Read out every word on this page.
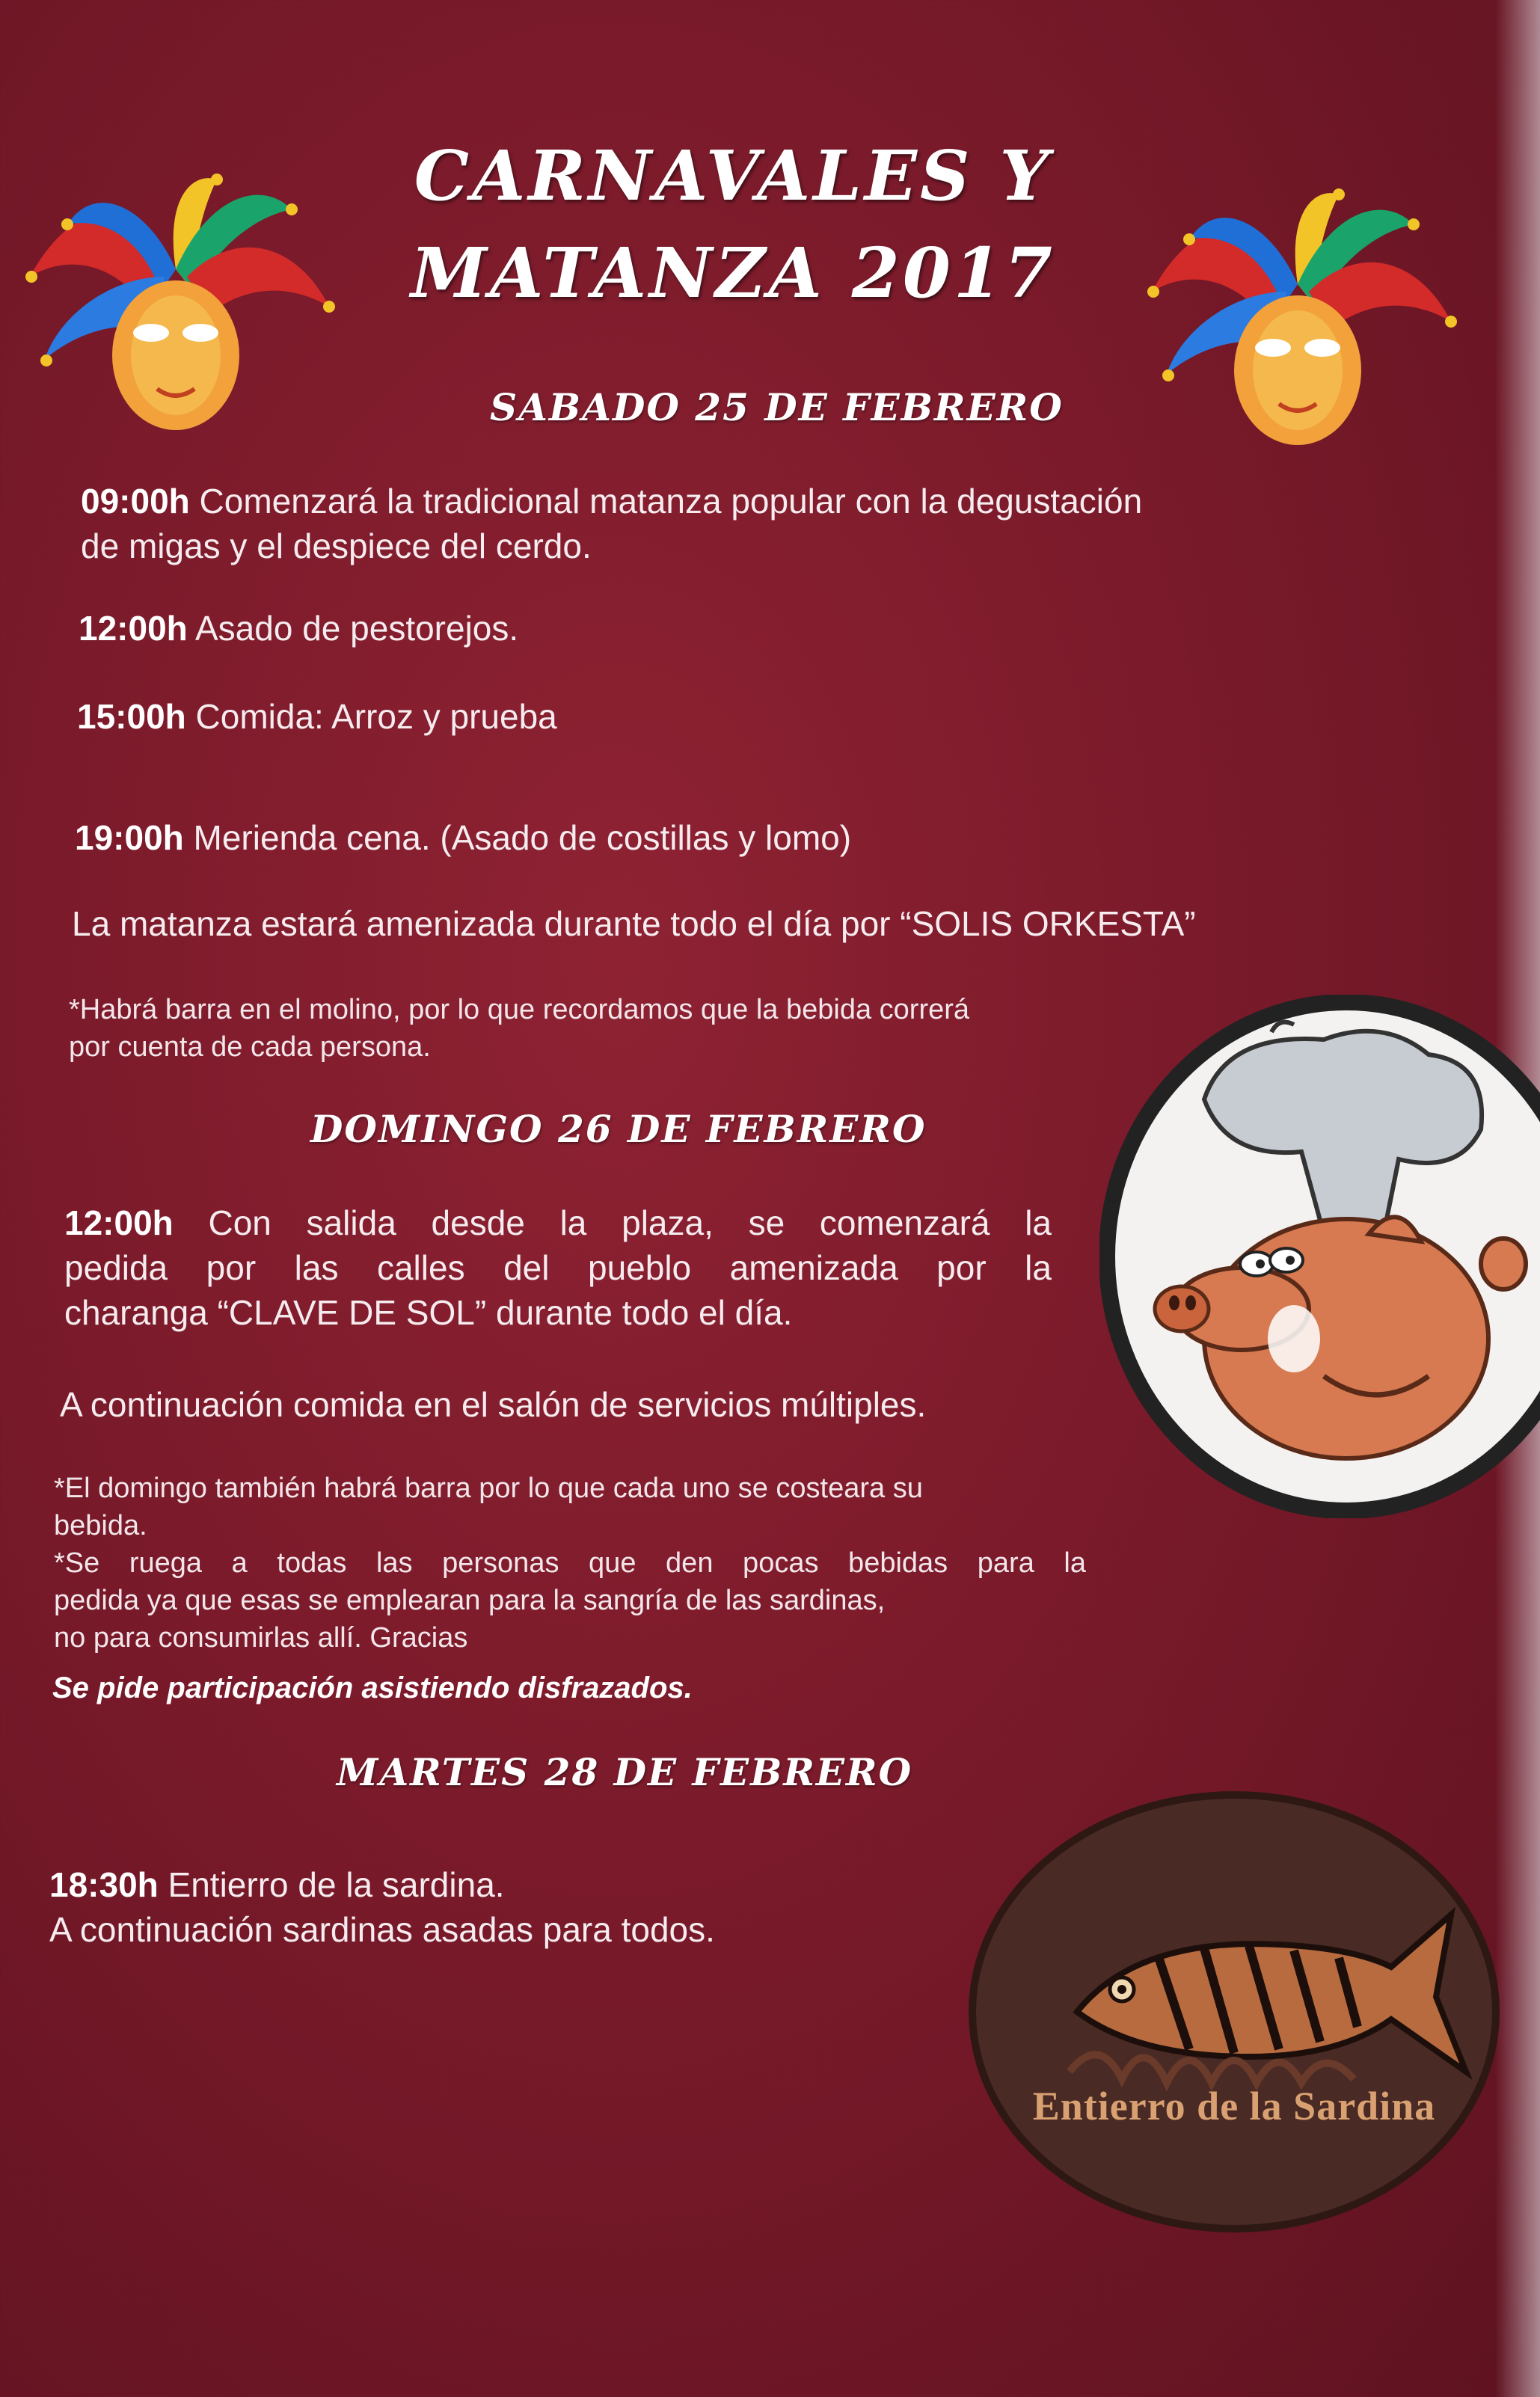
CARNAVALES Y
MATANZA 2017
SABADO 25 DE FEBRERO
09:00h Comenzará la tradicional matanza popular con la degustación
de migas y el despiece del cerdo.
12:00h Asado de pestorejos.
15:00h Comida: Arroz y prueba
19:00h Merienda cena. (Asado de costillas y lomo)
La matanza estará amenizada durante todo el día por “SOLIS ORKESTA”
*Habrá barra en el molino, por lo que recordamos que la bebida correrá
por cuenta de cada persona.
DOMINGO 26 DE FEBRERO
12:00h Con salida desde la plaza, se comenzará la
pedida por las calles del pueblo amenizada por la
charanga “CLAVE DE SOL” durante todo el día.
A continuación comida en el salón de servicios múltiples.
*El domingo también habrá barra por lo que cada uno se costeara su
bebida.
*Se ruega a todas las personas que den pocas bebidas para la
pedida ya que esas se emplearan para la sangría de las sardinas,
no para consumirlas allí. Gracias
Se pide participación asistiendo disfrazados.
MARTES 28 DE FEBRERO
18:30h Entierro de la sardina.
A continuación sardinas asadas para todos.
Entierro de la Sardina
